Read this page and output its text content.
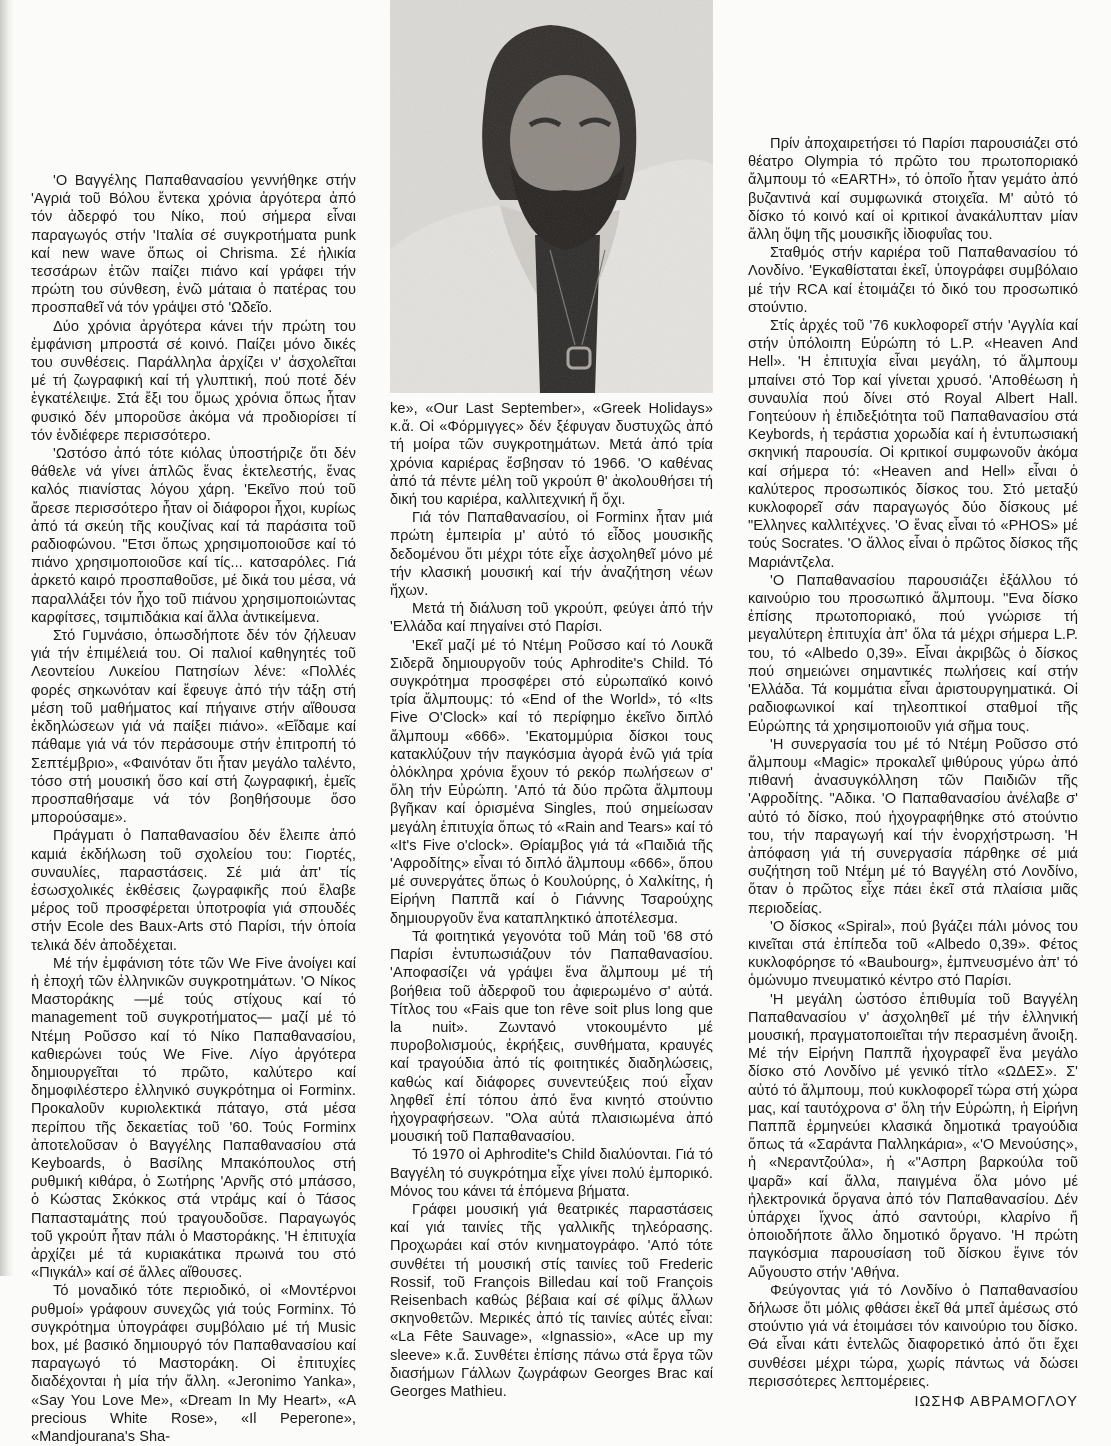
'Ο Βαγγέλης Παπαθανασίου γεννήθηκε στήν 'Αγριά τοῦ Βόλου ἔντεκα χρόνια ἀργότερα ἀπό τόν ἀδερφό του Νίκο, πού σήμερα εἶναι παραγωγός στήν 'Ιταλία σέ συγκροτήματα punk καί new wave ὅπως οἱ Chrisma. Σέ ἡλικία τεσσάρων ἐτῶν παίζει πιάνο καί γράφει τήν πρώτη του σύνθεση, ἐνῶ μάταια ὁ πατέρας του προσπαθεῖ νά τόν γράψει στό 'Ωδεῖο.

Δύο χρόνια ἀργότερα κάνει τήν πρώτη του ἐμφάνιση μπροστά σέ κοινό. Παίζει μόνο δικές του συνθέσεις. Παράλληλα ἀρχίζει ν' ἀσχολεῖται μέ τή ζωγραφική καί τή γλυπτική, πού ποτέ δέν ἐγκατέλειψε. Στά ἔξι του ὅμως χρόνια ὅπως ἦταν φυσικό δέν μποροῦσε ἀκόμα νά προδιορίσει τί τόν ἐνδιέφερε περισσότερο.

'Ωστόσο ἀπό τότε κιόλας ὑποστήριζε ὅτι δέν θάθελε νά γίνει ἁπλῶς ἕνας ἐκτελεστής, ἕνας καλός πιανίστας λόγου χάρη. 'Εκεῖνο πού τοῦ ἄρεσε περισσότερο ἦταν οἱ διάφοροι ἦχοι, κυρίως ἀπό τά σκεύη τῆς κουζίνας καί τά παράσιτα τοῦ ραδιοφώνου. "Ετσι ὅπως χρησιμοποιοῦσε καί τό πιάνο χρησιμοποιοῦσε καί τίς... κατσαρόλες. Γιά ἀρκετό καιρό προσπαθοῦσε, μέ δικά του μέσα, νά παραλλάξει τόν ἦχο τοῦ πιάνου χρησιμοποιώντας καρφίτσες, τσιμπιδάκια καί ἄλλα ἀντικείμενα.

Στό Γυμνάσιο, ὁπωσδήποτε δέν τόν ζήλευαν γιά τήν ἐπιμέλειά του. Οἱ παλιοί καθηγητές τοῦ Λεοντείου Λυκείου Πατησίων λένε: «Πολλές φορές σηκωνόταν καί ἔφευγε ἀπό τήν τάξη στή μέση τοῦ μαθήματος καί πήγαινε στήν αἴθουσα ἐκδηλώσεων γιά νά παίξει πιάνο». «Εἴδαμε καί πάθαμε γιά νά τόν περάσουμε στήν ἐπιτροπή τό Σεπτέμβριο», «Φαινόταν ὅτι ἦταν μεγάλο ταλέντο, τόσο στή μουσική ὅσο καί στή ζωγραφική, ἐμεῖς προσπαθήσαμε νά τόν βοηθήσουμε ὅσο μπορούσαμε».

Πράγματι ὁ Παπαθανασίου δέν ἔλειπε ἀπό καμιά ἐκδήλωση τοῦ σχολείου του: Γιορτές, συναυλίες, παραστάσεις. Σέ μιά ἀπ' τίς ἐσωσχολικές ἐκθέσεις ζωγραφικῆς πού ἔλαβε μέρος τοῦ προσφέρεται ὑποτροφία γιά σπουδές στήν Ecole des Baux-Arts στό Παρίσι, τήν ὁποία τελικά δέν ἀποδέχεται.

Μέ τήν ἐμφάνιση τότε τῶν We Five ἀνοίγει καί ἡ ἐποχή τῶν ἑλληνικῶν συγκροτημάτων. 'Ο Νίκος Μαστοράκης —μέ τούς στίχους καί τό management τοῦ συγκροτήματος— μαζί μέ τό Ντέμη Ροῦσσο καί τό Νίκο Παπαθανασίου, καθιερώνει τούς We Five. Λίγο ἀργότερα δημιουργεῖται τό πρῶτο, καλύτερο καί δημοφιλέστερο ἑλληνικό συγκρότημα οἱ Forminx. Προκαλοῦν κυριολεκτικά πάταγο, στά μέσα περίπου τῆς δεκαετίας τοῦ '60. Τούς Forminx ἀποτελοῦσαν ὁ Βαγγέλης Παπαθανασίου στά Keyboards, ὁ Βασίλης Μπακόπουλος στή ρυθμική κιθάρα, ὁ Σωτήρης 'Αρνῆς στό μπάσσο, ὁ Κώστας Σκόκκος στά ντράμς καί ὁ Τάσος Παπασταμάτης πού τραγουδοῦσε. Παραγωγός τοῦ γκρούπ ἦταν πάλι ὁ Μαστοράκης. 'Η ἐπιτυχία ἀρχίζει μέ τά κυριακάτικα πρωινά του στό «Πιγκάλ» καί σέ ἄλλες αἴθουσες.

Τό μοναδικό τότε περιοδικό, οἱ «Μοντέρνοι ρυθμοί» γράφουν συνεχῶς γιά τούς Forminx. Τό συγκρότημα ὑπογράφει συμβόλαιο μέ τή Music box, μέ βασικό δημιουργό τόν Παπαθανασίου καί παραγωγό τό Μαστοράκη. Οἱ ἐπιτυχίες διαδέχονται ἡ μία τήν ἄλλη. «Jeronimo Yanka», «Say You Love Me», «Dream In My Heart», «A precious White Rose», «Il Peperone», «Mandjourana's Sha-

ke», «Our Last September», «Greek Holidays» κ.ἄ. Οἱ «Φόρμιγγες» δέν ξέφυγαν δυστυχῶς ἀπό τή μοίρα τῶν συγκροτημάτων. Μετά ἀπό τρία χρόνια καριέρας ἔσβησαν τό 1966. 'Ο καθένας ἀπό τά πέντε μέλη τοῦ γκρούπ θ' ἀκολουθήσει τή δική του καριέρα, καλλιτεχνική ἤ ὄχι.

Γιά τόν Παπαθανασίου, οἱ Forminx ἦταν μιά πρώτη ἐμπειρία μ' αὐτό τό εἶδος μουσικῆς δεδομένου ὅτι μέχρι τότε εἶχε ἀσχοληθεῖ μόνο μέ τήν κλασική μουσική καί τήν ἀναζήτηση νέων ἤχων.

Μετά τή διάλυση τοῦ γκρούπ, φεύγει ἀπό τήν 'Ελλάδα καί πηγαίνει στό Παρίσι.

'Εκεῖ μαζί μέ τό Ντέμη Ροῦσσο καί τό Λουκᾶ Σιδερᾶ δημιουργοῦν τούς Aphrodite's Child. Τό συγκρότημα προσφέρει στό εὐρωπαϊκό κοινό τρία ἄλμπουμς: τό «End of the World», τό «Its Five O'Clock» καί τό περίφημο ἐκεῖνο διπλό ἄλμπουμ «666». 'Εκατομμύρια δίσκοι τους κατακλύζουν τήν παγκόσμια ἀγορά ἐνῶ γιά τρία ὁλόκληρα χρόνια ἔχουν τό ρεκόρ πωλήσεων σ' ὅλη τήν Εὐρώπη. 'Από τά δύο πρῶτα ἄλμπουμ βγῆκαν καί ὁρισμένα Singles, πού σημείωσαν μεγάλη ἐπιτυχία ὅπως τό «Rain and Tears» καί τό «It's Five o'clock». Θρίαμβος γιά τά «Παιδιά τῆς 'Αφροδίτης» εἶναι τό διπλό ἄλμπουμ «666», ὅπου μέ συνεργάτες ὅπως ὁ Κουλούρης, ὁ Χαλκίτης, ἡ Εἰρήνη Παππᾶ καί ὁ Γιάννης Τσαρούχης δημιουργοῦν ἕνα καταπληκτικό ἀποτέλεσμα.

Τά φοιτητικά γεγονότα τοῦ Μάη τοῦ '68 στό Παρίσι ἐντυπωσιάζουν τόν Παπαθανασίου. 'Αποφασίζει νά γράψει ἕνα ἄλμπουμ μέ τή βοήθεια τοῦ ἀδερφοῦ του ἀφιερωμένο σ' αὐτά. Τίτλος του «Fais que ton rêve soit plus long que la nuit». Ζωντανό ντοκουμέντο μέ πυροβολισμούς, ἐκρήξεις, συνθήματα, κραυγές καί τραγούδια ἀπό τίς φοιτητικές διαδηλώσεις, καθώς καί διάφορες συνεντεύξεις πού εἶχαν ληφθεῖ ἐπί τόπου ἀπό ἕνα κινητό στούντιο ἠχογραφήσεων. "Ολα αὐτά πλαισιωμένα ἀπό μουσική τοῦ Παπαθανασίου.

Τό 1970 οἱ Aphrodite's Child διαλύονται. Γιά τό Βαγγέλη τό συγκρότημα εἶχε γίνει πολύ ἐμπορικό. Μόνος του κάνει τά ἑπόμενα βήματα.

Γράφει μουσική γιά θεατρικές παραστάσεις καί γιά ταινίες τῆς γαλλικῆς τηλεόρασης. Προχωράει καί στόν κινηματογράφο. 'Από τότε συνθέτει τή μουσική στίς ταινίες τοῦ Frederic Rossif, τοῦ François Billedau καί τοῦ François Reisenbach καθώς βέβαια καί σέ φίλμς ἄλλων σκηνοθετῶν. Μερικές ἀπό τίς ταινίες αὐτές εἶναι: «La Fête Sauvage», «Ignassio», «Ace up my sleeve» κ.ἄ. Συνθέτει ἐπίσης πάνω στά ἔργα τῶν διασήμων Γάλλων ζωγράφων Georges Brac καί Georges Mathieu.

Πρίν ἀποχαιρετήσει τό Παρίσι παρουσιάζει στό θέατρο Olympia τό πρῶτο του πρωτοποριακό ἄλμπουμ τό «EARTH», τό ὁποῖο ἦταν γεμάτο ἀπό βυζαντινά καί συμφωνικά στοιχεῖα. Μ' αὐτό τό δίσκο τό κοινό καί οἱ κριτικοί ἀνακάλυπταν μίαν ἄλλη ὄψη τῆς μουσικῆς ἰδιοφυΐας του.

Σταθμός στήν καριέρα τοῦ Παπαθανασίου τό Λονδίνο. 'Εγκαθίσταται ἐκεῖ, ὑπογράφει συμβόλαιο μέ τήν RCA καί ἑτοιμάζει τό δικό του προσωπικό στούντιο.

Στίς ἀρχές τοῦ '76 κυκλοφορεῖ στήν 'Αγγλία καί στήν ὑπόλοιπη Εὐρώπη τό L.P. «Heaven And Hell». 'Η ἐπιτυχία εἶναι μεγάλη, τό ἄλμπουμ μπαίνει στό Top καί γίνεται χρυσό. 'Αποθέωση ἡ συναυλία πού δίνει στό Royal Albert Hall. Γοητεύουν ἡ ἐπιδεξιότητα τοῦ Παπαθανασίου στά Keybords, ἡ τεράστια χορωδία καί ἡ ἐντυπωσιακή σκηνική παρουσία. Οἱ κριτικοί συμφωνοῦν ἀκόμα καί σήμερα τό: «Heaven and Hell» εἶναι ὁ καλύτερος προσωπικός δίσκος του. Στό μεταξύ κυκλοφορεῖ σάν παραγωγός δύο δίσκους μέ "Ελληνες καλλιτέχνες. 'Ο ἕνας εἶναι τό «PHOS» μέ τούς Socrates. 'Ο ἄλλος εἶναι ὁ πρῶτος δίσκος τῆς Μαριάντζελα.

'Ο Παπαθανασίου παρουσιάζει ἐξάλλου τό καινούριο του προσωπικό ἄλμπουμ. "Ενα δίσκο ἐπίσης πρωτοποριακό, πού γνώρισε τή μεγαλύτερη ἐπιτυχία ἀπ' ὅλα τά μέχρι σήμερα L.P. του, τό «Albedo 0,39». Εἶναι ἀκριβῶς ὁ δίσκος πού σημειώνει σημαντικές πωλήσεις καί στήν 'Ελλάδα. Τά κομμάτια εἶναι ἀριστουργηματικά. Οἱ ραδιοφωνικοί καί τηλεοπτικοί σταθμοί τῆς Εὐρώπης τά χρησιμοποιοῦν γιά σῆμα τους.

'Η συνεργασία του μέ τό Ντέμη Ροῦσσο στό ἄλμπουμ «Magic» προκαλεῖ ψιθύρους γύρω ἀπό πιθανή ἀνασυγκόλληση τῶν Παιδιῶν τῆς 'Αφροδίτης. "Αδικα. 'Ο Παπαθανασίου ἀνέλαβε σ' αὐτό τό δίσκο, πού ἠχογραφήθηκε στό στούντιο του, τήν παραγωγή καί τήν ἐνορχήστρωση. 'Η ἀπόφαση γιά τή συνεργασία πάρθηκε σέ μιά συζήτηση τοῦ Ντέμη μέ τό Βαγγέλη στό Λονδίνο, ὅταν ὁ πρῶτος εἶχε πάει ἐκεῖ στά πλαίσια μιᾶς περιοδείας.

'Ο δίσκος «Spiral», πού βγάζει πάλι μόνος του κινεῖται στά ἐπίπεδα τοῦ «Albedo 0,39». Φέτος κυκλοφόρησε τό «Baubourg», ἐμπνευσμένο ἀπ' τό ὁμώνυμο πνευματικό κέντρο στό Παρίσι.

'Η μεγάλη ὡστόσο ἐπιθυμία τοῦ Βαγγέλη Παπαθανασίου ν' ἀσχοληθεῖ μέ τήν ἑλληνική μουσική, πραγματοποιεῖται τήν περασμένη ἄνοιξη. Μέ τήν Εἰρήνη Παππᾶ ἠχογραφεῖ ἕνα μεγάλο δίσκο στό Λονδίνο μέ γενικό τίτλο «ΩΔΕΣ». Σ' αὐτό τό ἄλμπουμ, πού κυκλοφορεῖ τώρα στή χώρα μας, καί ταυτόχρονα σ' ὅλη τήν Εὐρώπη, ἡ Εἰρήνη Παππᾶ ἑρμηνεύει κλασικά δημοτικά τραγούδια ὅπως τά «Σαράντα Παλληκάρια», «'Ο Μενούσης», ἡ «Νεραντζούλα», ἡ «"Ασπρη βαρκούλα τοῦ ψαρᾶ» καί ἄλλα, παιγμένα ὅλα μόνο μέ ἠλεκτρονικά ὄργανα ἀπό τόν Παπαθανασίου. Δέν ὑπάρχει ἴχνος ἀπό σαντούρι, κλαρίνο ἤ ὁποιοδήποτε ἄλλο δημοτικό ὄργανο. 'Η πρώτη παγκόσμια παρουσίαση τοῦ δίσκου ἔγινε τόν Αὔγουστο στήν 'Αθήνα.

Φεύγοντας γιά τό Λονδίνο ὁ Παπαθανασίου δήλωσε ὅτι μόλις φθάσει ἐκεῖ θά μπεῖ ἀμέσως στό στούντιο γιά νά ἑτοιμάσει τόν καινούριο του δίσκο. Θά εἶναι κάτι ἐντελῶς διαφορετικό ἀπό ὅτι ἔχει συνθέσει μέχρι τώρα, χωρίς πάντως νά δώσει περισσότερες λεπτομέρειες.

ΙΩΣΗΦ ΑΒΡΑΜΟΓΛΟΥ
